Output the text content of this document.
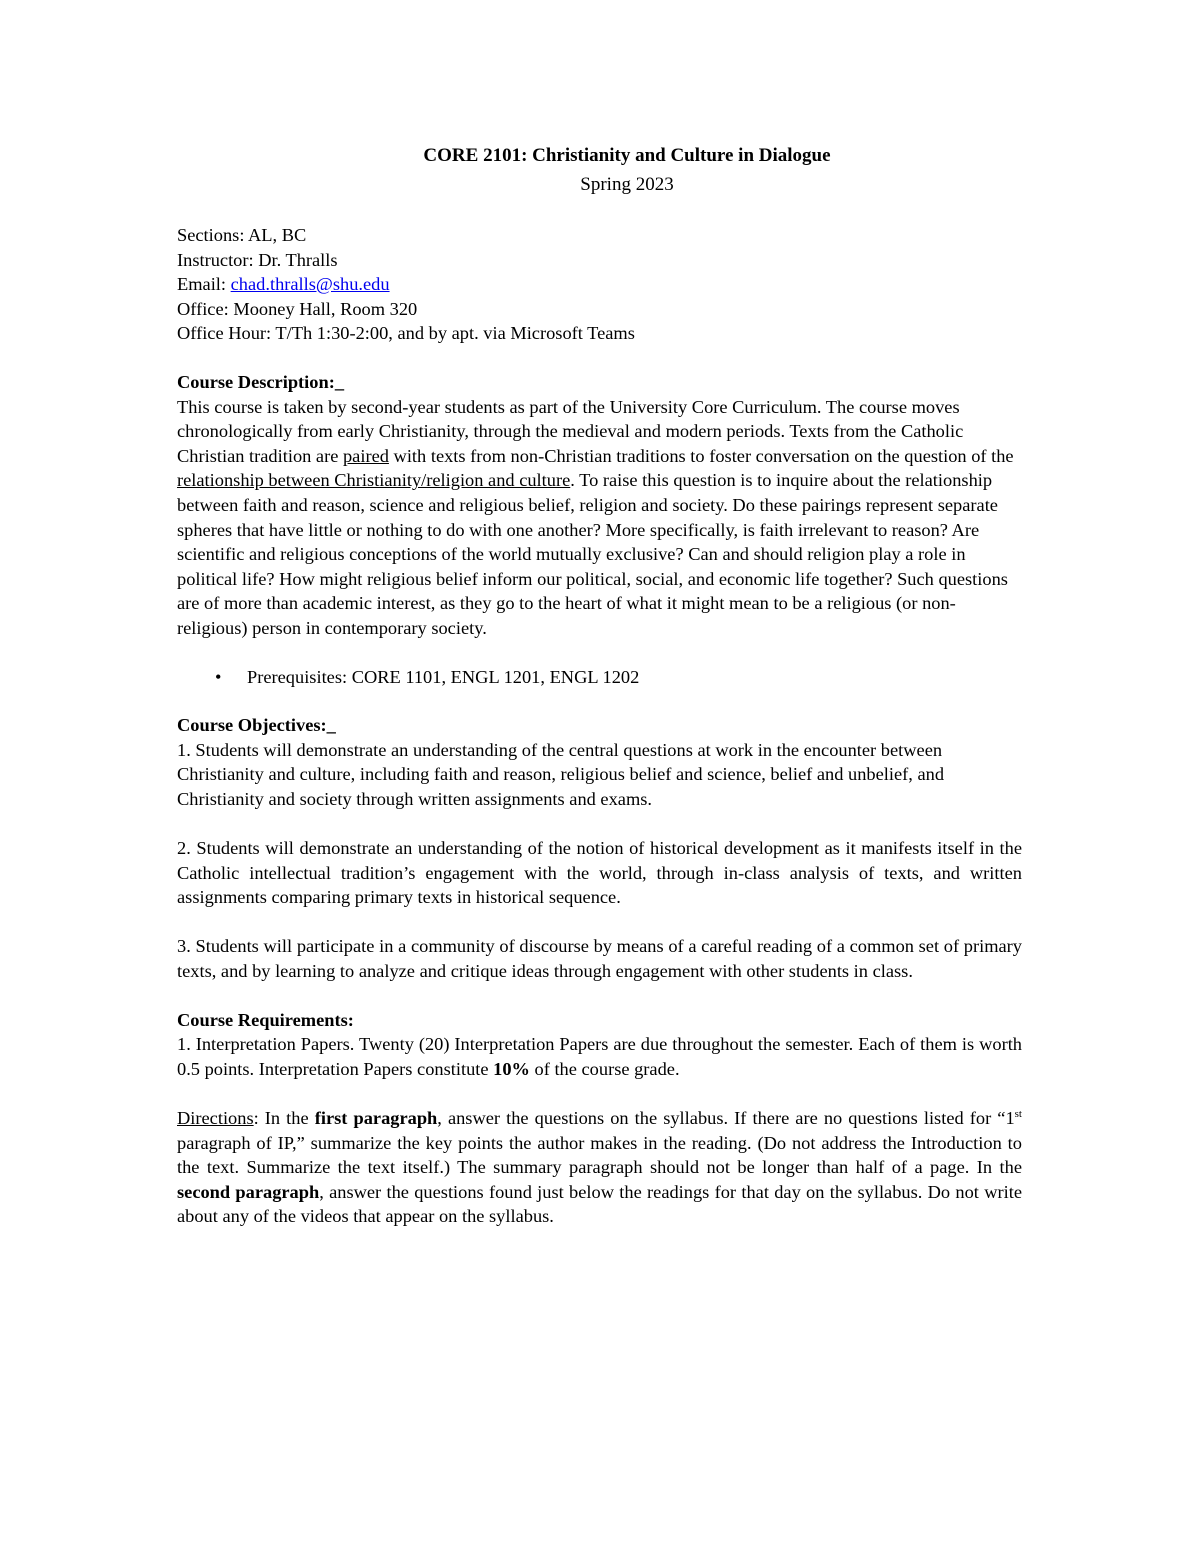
CORE 2101: Christianity and Culture in Dialogue
Spring 2023
Sections: AL, BC
Instructor: Dr. Thralls
Email: chad.thralls@shu.edu
Office: Mooney Hall, Room 320
Office Hour: T/Th 1:30-2:00, and by apt. via Microsoft Teams
Course Description:_

This course is taken by second-year students as part of the University Core Curriculum. The course moves chronologically from early Christianity, through the medieval and modern periods. Texts from the Catholic Christian tradition are paired with texts from non-Christian traditions to foster conversation on the question of the relationship between Christianity/religion and culture. To raise this question is to inquire about the relationship between faith and reason, science and religious belief, religion and society. Do these pairings represent separate spheres that have little or nothing to do with one another? More specifically, is faith irrelevant to reason? Are scientific and religious conceptions of the world mutually exclusive? Can and should religion play a role in political life? How might religious belief inform our political, social, and economic life together? Such questions are of more than academic interest, as they go to the heart of what it might mean to be a religious (or non-religious) person in contemporary society.

• Prerequisites: CORE 1101, ENGL 1201, ENGL 1202
Course Objectives:_

1. Students will demonstrate an understanding of the central questions at work in the encounter between Christianity and culture, including faith and reason, religious belief and science, belief and unbelief, and Christianity and society through written assignments and exams.

2. Students will demonstrate an understanding of the notion of historical development as it manifests itself in the Catholic intellectual tradition’s engagement with the world, through in-class analysis of texts, and written assignments comparing primary texts in historical sequence.

3. Students will participate in a community of discourse by means of a careful reading of a common set of primary texts, and by learning to analyze and critique ideas through engagement with other students in class.

Course Requirements:

1. Interpretation Papers. Twenty (20) Interpretation Papers are due throughout the semester. Each of them is worth 0.5 points. Interpretation Papers constitute 10% of the course grade.

Directions: In the first paragraph, answer the questions on the syllabus. If there are no questions listed for “1st paragraph of IP,” summarize the key points the author makes in the reading. (Do not address the Introduction to the text. Summarize the text itself.) The summary paragraph should not be longer than half of a page. In the second paragraph, answer the questions found just below the readings for that day on the syllabus. Do not write about any of the videos that appear on the syllabus.
